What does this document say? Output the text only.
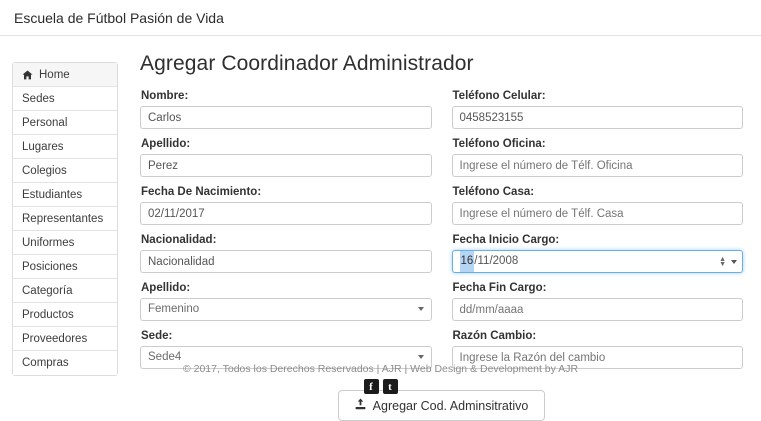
Escuela de Fútbol Pasión de Vida
Home
Sedes
Personal
Lugares
Colegios
Estudiantes
Representantes
Uniformes
Posiciones
Categoría
Productos
Proveedores
Compras
Agregar Coordinador Administrador
Nombre:
Carlos
Apellido:
Perez
Fecha De Nacimiento:
02/11/2017
Nacionalidad:
Nacionalidad
Apellido:
Femenino
Sede:
Sede4
Teléfono Celular:
0458523155
Teléfono Oficina:
Ingrese el número de Télf. Oficina
Teléfono Casa:
Ingrese el número de Télf. Casa
Fecha Inicio Cargo:
16 / 11 / 2008	▲
▼
Fecha Fin Cargo:
dd/mm/aaaa
Razón Cambio:
Ingrese la Razón del cambio
Agregar Cod. Adminsitrativo
© 2017, Todos los Derechos Reservados | AJR | Web Design & Development by AJR
f	t
